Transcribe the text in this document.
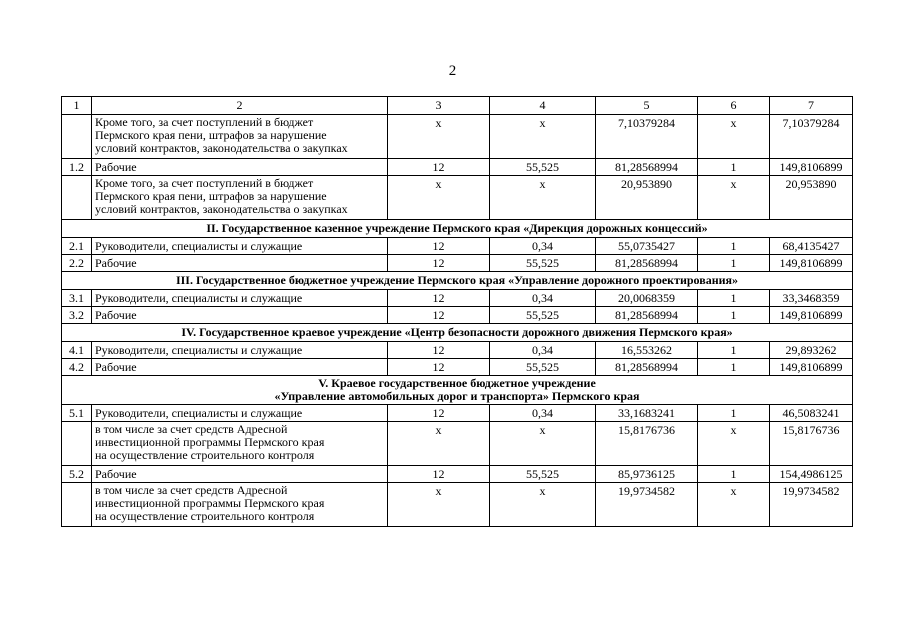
2
1	2	3	4	5	6	7

	Кроме того, за счет поступлений в бюджет
Пермского края пени, штрафов за нарушение
условий контрактов, законодательства о закупках	x	x	7,10379284	x	7,10379284
1.2	Рабочие	12	55,525	81,28568994	1	149,8106899

	Кроме того, за счет поступлений в бюджет
Пермского края пени, штрафов за нарушение
условий контрактов, законодательства о закупках	x	x	20,953890	x	20,953890

II. Государственное казенное учреждение Пермского края «Дирекция дорожных концессий»						

2.1	Руководители, специалисты и служащие	12	0,34	55,0735427	1	68,4135427
2.2	Рабочие	12	55,525	81,28568994	1	149,8106899

III. Государственное бюджетное учреждение Пермского края «Управление дорожного проектирования»						

3.1	Руководители, специалисты и служащие	12	0,34	20,0068359	1	33,3468359
3.2	Рабочие	12	55,525	81,28568994	1	149,8106899

IV. Государственное краевое учреждение «Центр безопасности дорожного движения Пермского края»						

4.1	Руководители, специалисты и служащие	12	0,34	16,553262	1	29,893262
4.2	Рабочие	12	55,525	81,28568994	1	149,8106899

V. Краевое государственное бюджетное учреждение
«Управление автомобильных дорог и транспорта» Пермского края						

5.1	Руководители, специалисты и служащие	12	0,34	33,1683241	1	46,5083241

	в том числе за счет средств Адресной
инвестиционной программы Пермского края
на осуществление строительного контроля	x	x	15,8176736	x	15,8176736
5.2	Рабочие	12	55,525	85,9736125	1	154,4986125

	в том числе за счет средств Адресной
инвестиционной программы Пермского края
на осуществление строительного контроля	x	x	19,9734582	x	19,9734582
